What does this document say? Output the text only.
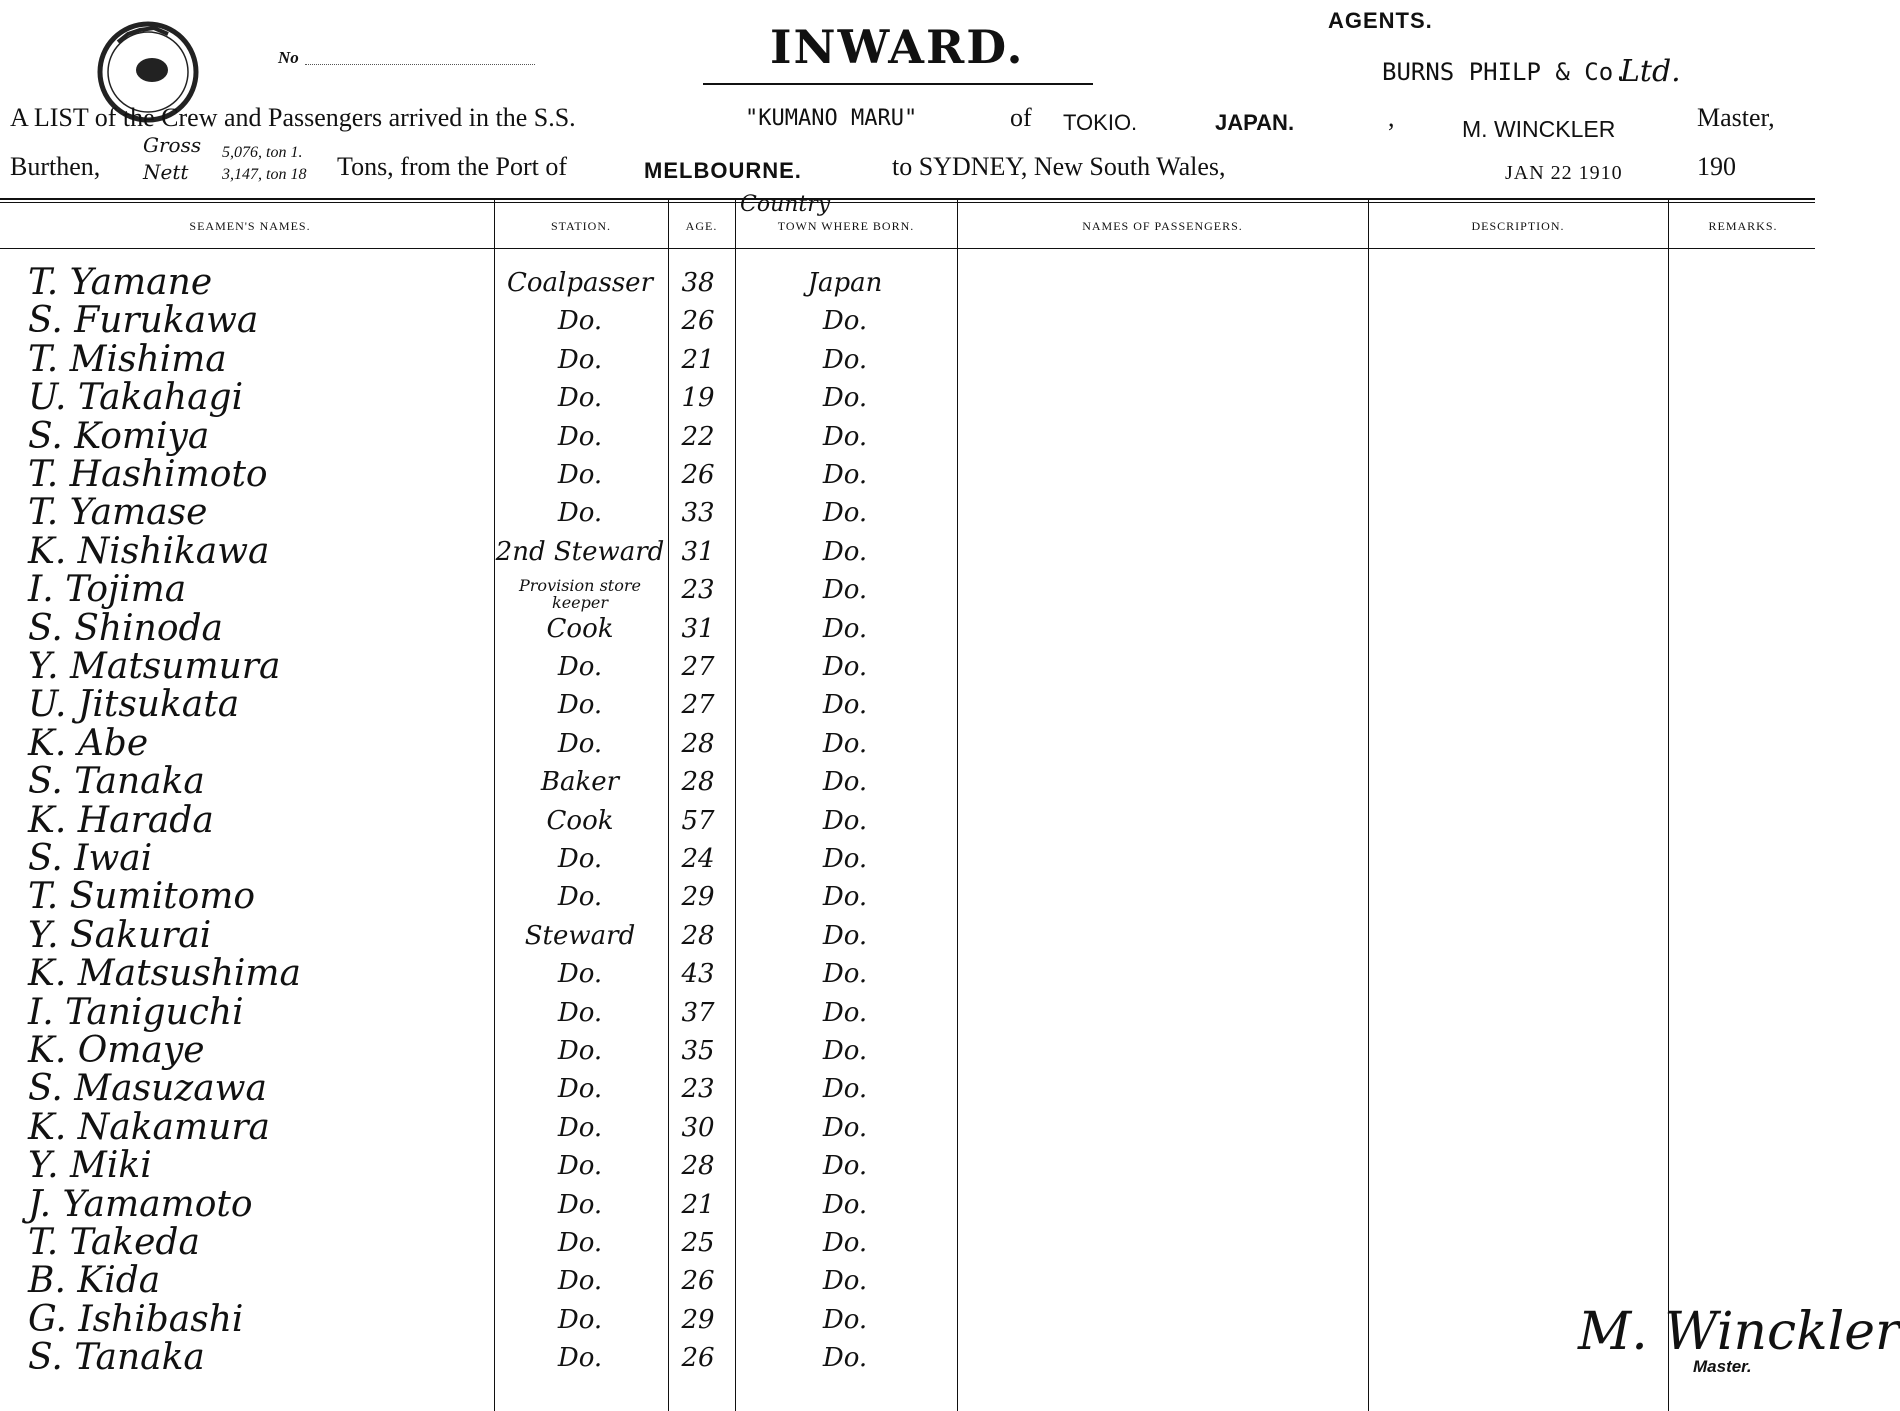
No	INWARD.	AGENTS.
BURNS PHILP & Co.
Ltd.
A LIST of the Crew and Passengers arrived in the S.S.	"KUMANO MARU"	of TOKIO.	JAPAN.	,	M. WINCKLER	Master,
Burthen,
Gross
Nett
5,076, ton 1.
3,147, ton 18 Tons, from the Port of	MELBOURNE.	to SYDNEY, New South Wales,	JAN 22 1910	190
SEAMEN'S NAMES.	STATION.	AGE.
Country
TOWN WHERE BORN.	NAMES OF PASSENGERS.	DESCRIPTION.	REMARKS.
T. Yamane	Coalpasser	38	Japan
S. Furukawa	Do.	26	Do.
T. Mishima	Do.	21	Do.
U. Takahagi	Do.	19	Do.
S. Komiya	Do.	22	Do.
T. Hashimoto	Do.	26	Do.
T. Yamase	Do.	33	Do.
K. Nishikawa	2nd Steward 31	Do.
I. Tojima	Provision store keeper	23	Do.
S. Shinoda	Cook	31	Do.
Y. Matsumura	Do.	27	Do.
U. Jitsukata	Do.	27	Do.
K. Abe	Do.	28	Do.
S. Tanaka	Baker	28	Do.
K. Harada	Cook	57	Do.
S. Iwai	Do.	24	Do.
T. Sumitomo	Do.	29	Do.
Y. Sakurai	Steward	28	Do.
K. Matsushima	Do.	43	Do.
I. Taniguchi	Do.	37	Do.
K. Omaye	Do.	35	Do.
S. Masuzawa	Do.	23	Do.
K. Nakamura	Do.	30	Do.
Y. Miki	Do.	28	Do.
J. Yamamoto	Do.	21	Do.
T. Takeda	Do.	25	Do.
B. Kida	Do.	26	Do.
G. Ishibashi	Do.	29	Do.
S. Tanaka	Do.	26	Do.	M. Winckler
Master.
